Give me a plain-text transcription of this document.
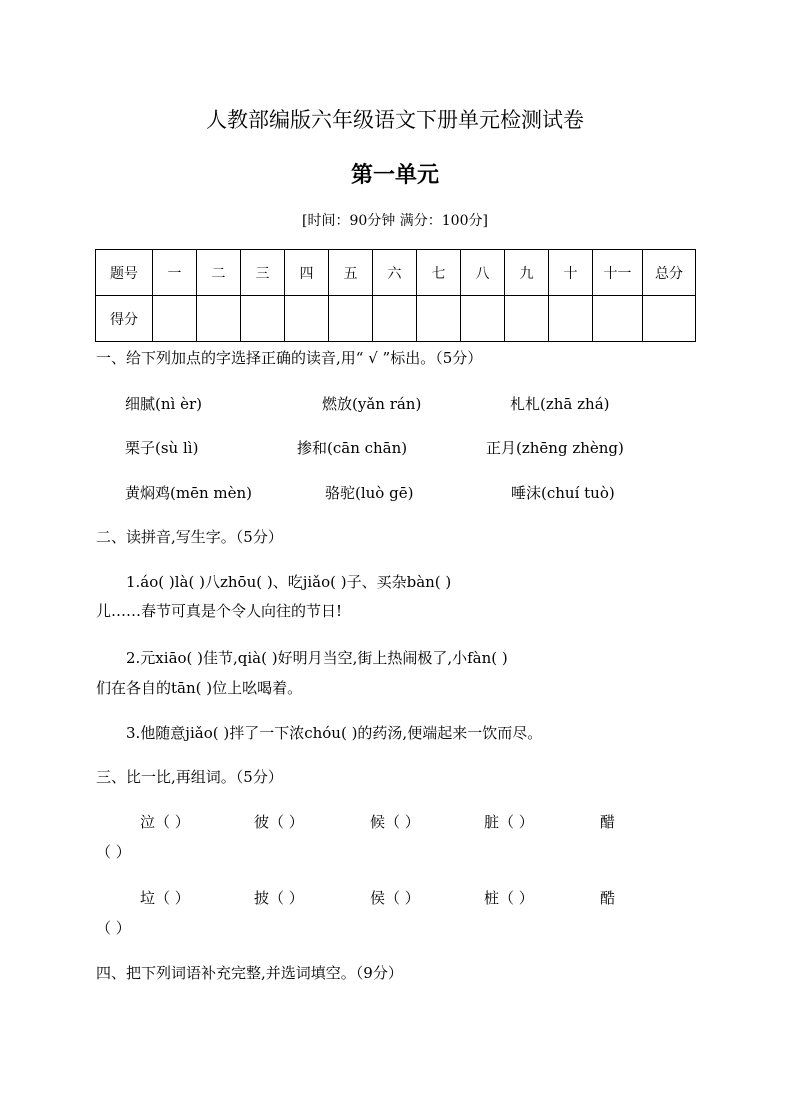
人教部编版六年级语文下册单元检测试卷
第一单元
[时间：90分钟 满分：100分]
题号	一	二	三	四	五	六	七	八	九	十	十一	总分
得分												
一、给下列加点的字选择正确的读音,用“ √ ”标出。（5分）
细腻(nì èr)	燃放(yǎn rán)	札札(zhā zhá)
栗子(sù lì)	掺和(cān chān)	正月(zhēng zhèng)
黄焖鸡(mēn mèn)	骆驼(luò gē)	唾沫(chuí tuò)
二、读拼音,写生字。（5分）
1.áo( )là( )八zhōu( )、吃jiǎo( )子、买杂bàn( )
儿……春节可真是个令人向往的节日!
2.元xiāo( )佳节,qià( )好明月当空,街上热闹极了,小fàn( )
们在各自的tān( )位上吆喝着。
3.他随意jiǎo( )拌了一下浓chóu( )的药汤,便端起来一饮而尽。
三、比一比,再组词。（5分）
泣（ ）	彼（ ）	候（ ）	脏（ ）	醋
（ ）
垃（ ）	披（ ）	侯（ ）	桩（ ）	酷
（ ）
四、把下列词语补充完整,并选词填空。（9分）
